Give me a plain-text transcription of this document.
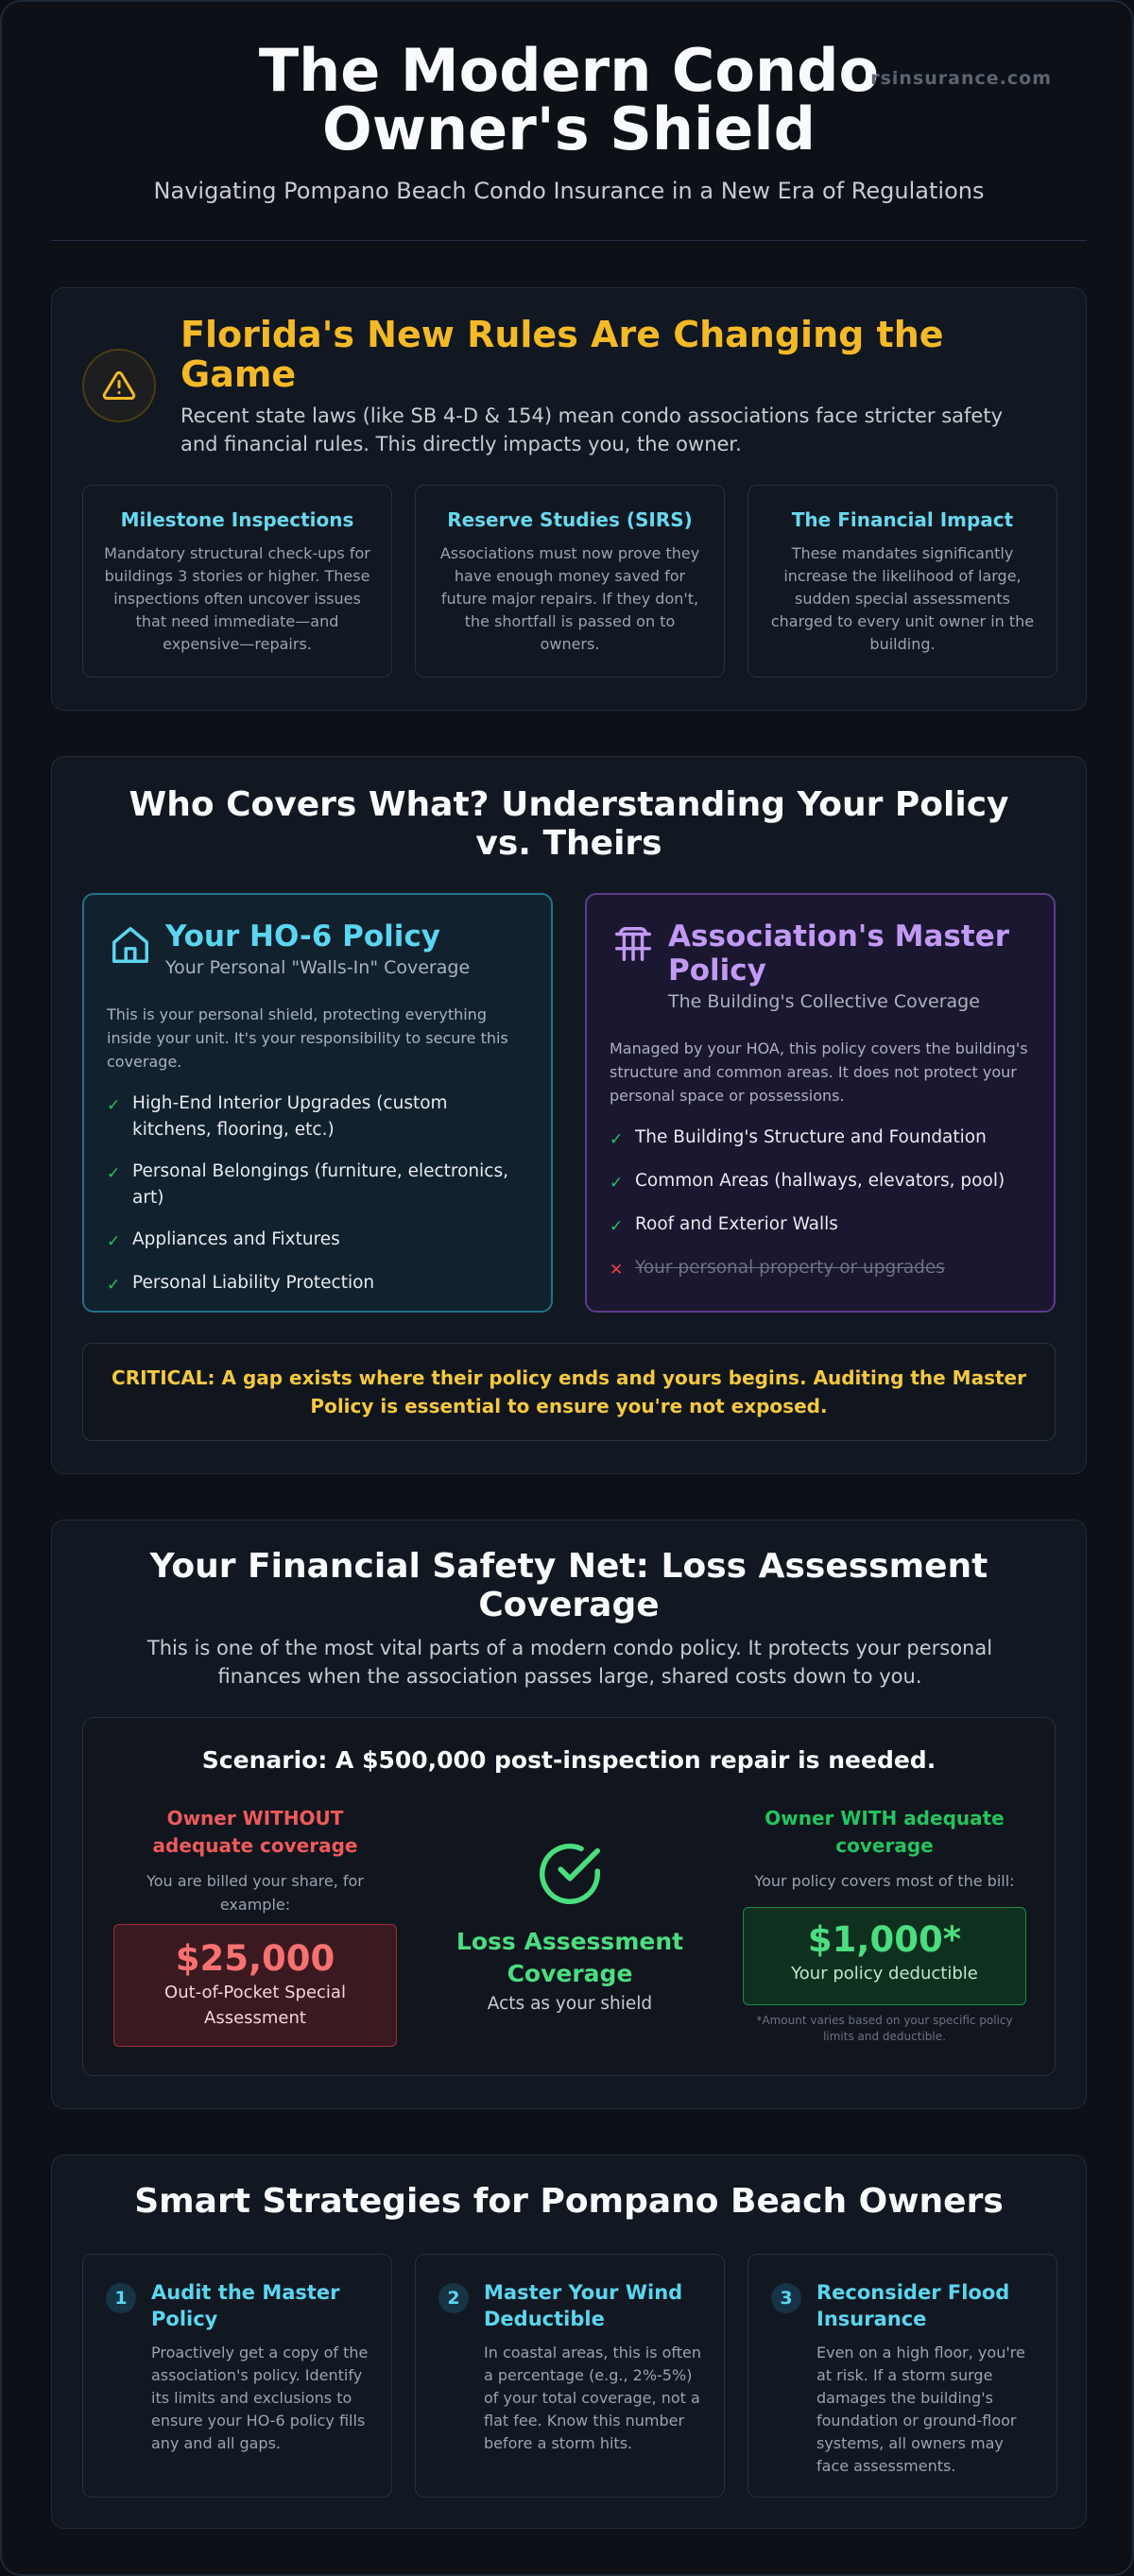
The Modern Condo Owner's Shield

Navigating Pompano Beach Condo Insurance in a New Era of Regulations

rsinsurance.com
Florida's New Rules Are Changing the Game

Recent state laws (like SB 4-D & 154) mean condo associations face stricter safety and financial rules. This directly impacts you, the owner.

Milestone Inspections

Mandatory structural check-ups for buildings 3 stories or higher. These inspections often uncover issues that need immediate—and expensive—repairs.

Reserve Studies (SIRS)

Associations must now prove they have enough money saved for future major repairs. If they don't, the shortfall is passed on to owners.

The Financial Impact

These mandates significantly increase the likelihood of large, sudden special assessments charged to every unit owner in the building.

Who Covers What? Understanding Your Policy vs. Theirs
Your HO-6 Policy
Your Personal "Walls-In" Coverage

This is your personal shield, protecting everything inside your unit. It's your responsibility to secure this coverage.

✓ High-End Interior Upgrades (custom kitchens, flooring, etc.)
✓ Personal Belongings (furniture, electronics, art)
✓ Appliances and Fixtures
✓ Personal Liability Protection
Association's Master Policy
The Building's Collective Coverage

Managed by your HOA, this policy covers the building's structure and common areas. It does not protect your personal space or possessions.

✓ The Building's Structure and Foundation
✓ Common Areas (hallways, elevators, pool)
✓ Roof and Exterior Walls
✕ Your personal property or upgrades
CRITICAL: A gap exists where their policy ends and yours begins. Auditing the Master Policy is essential to ensure you're not exposed.
Your Financial Safety Net: Loss Assessment Coverage

This is one of the most vital parts of a modern condo policy. It protects your personal finances when the association passes large, shared costs down to you.

Scenario: A $500,000 post-inspection repair is needed.
Owner WITHOUT adequate coverage

You are billed your share, for example:

$25,000
Out-of-Pocket Special Assessment
Loss Assessment Coverage

Acts as your shield

Owner WITH adequate coverage

Your policy covers most of the bill:

$1,000*
Your policy deductible

*Amount varies based on your specific policy limits and deductible.

Smart Strategies for Pompano Beach Owners
1	Audit the Master Policy

Proactively get a copy of the association's policy. Identify its limits and exclusions to ensure your HO-6 policy fills any and all gaps.

2	Master Your Wind Deductible

In coastal areas, this is often a percentage (e.g., 2%-5%) of your total coverage, not a flat fee. Know this number before a storm hits.

3	Reconsider Flood Insurance

Even on a high floor, you're at risk. If a storm surge damages the building's foundation or ground-floor systems, all owners may face assessments.
